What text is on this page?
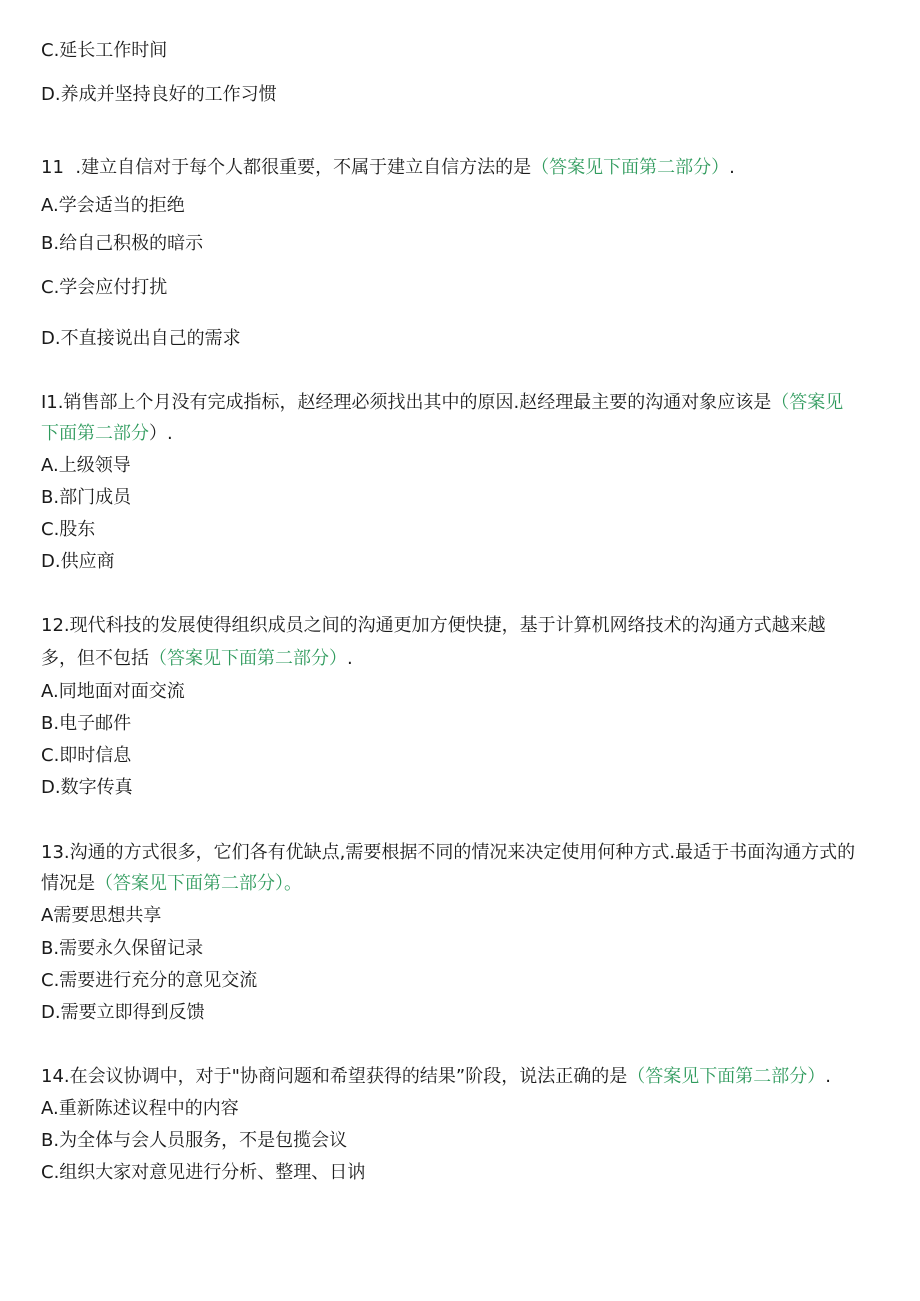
C.延长工作时间
D.养成并坚持良好的工作习惯
11  .建立自信对于每个人都很重要，不属于建立自信方法的是（答案见下面第二部分）.
A.学会适当的拒绝
B.给自己积极的暗示
C.学会应付打扰
D.不直接说出自己的需求
I1.销售部上个月没有完成指标，赵经理必须找出其中的原因.赵经理最主要的沟通对象应该是（答案见
下面第二部分）.
A.上级领导
B.部门成员
C.股东
D.供应商
12.现代科技的发展使得组织成员之间的沟通更加方便快捷，基于计算机网络技术的沟通方式越来越
多，但不包括（答案见下面第二部分）.
A.同地面对面交流
B.电子邮件
C.即时信息
D.数字传真
13.沟通的方式很多，它们各有优缺点,需要根据不同的情况来决定使用何种方式.最适于书面沟通方式的
情况是（答案见下面第二部分）。
A需要思想共享
B.需要永久保留记录
C.需要进行充分的意见交流
D.需要立即得到反馈
14.在会议协调中，对于"协商问题和希望获得的结果”阶段，说法正确的是（答案见下面第二部分）.
A.重新陈述议程中的内容
B.为全体与会人员服务，不是包揽会议
C.组织大家对意见进行分析、整理、日讷
